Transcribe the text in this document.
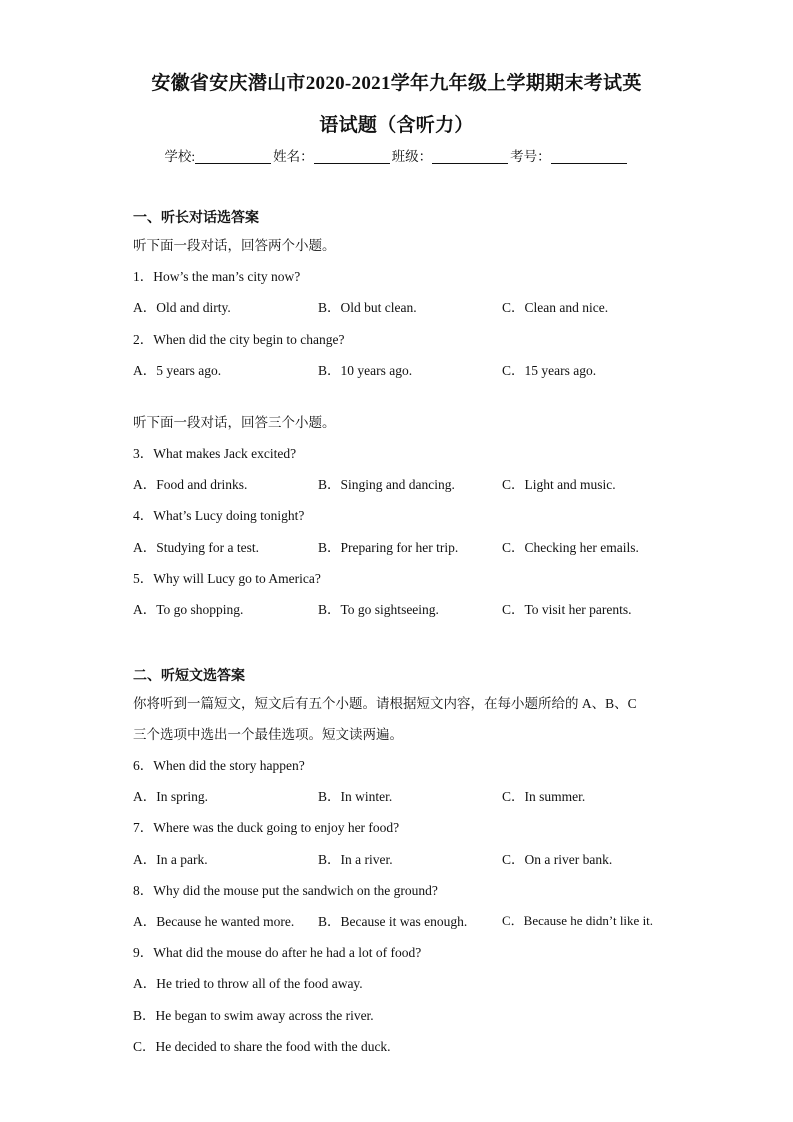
安徽省安庆潜山市2020-2021学年九年级上学期期末考试英
语试题（含听力）
学校:	姓名：	班级：	考号：
一、听长对话选答案
听下面一段对话，回答两个小题。
1．How’s the man’s city now?
A．Old and dirty.	B．Old but clean.	C．Clean and nice.
2．When did the city begin to change?
A．5 years ago.	B．10 years ago.	C．15 years ago.
听下面一段对话，回答三个小题。
3．What makes Jack excited?
A．Food and drinks.	B．Singing and dancing.	C．Light and music.
4．What’s Lucy doing tonight?
A．Studying for a test.	B．Preparing for her trip.	C．Checking her emails.
5．Why will Lucy go to America?
A．To go shopping.	B．To go sightseeing.	C．To visit her parents.
二、听短文选答案
你将听到一篇短文，短文后有五个小题。请根据短文内容，在每小题所给的 A、B、C
三个选项中选出一个最佳选项。短文读两遍。
6．When did the story happen?
A．In spring.	B．In winter.	C．In summer.
7．Where was the duck going to enjoy her food?
A．In a park.	B．In a river.	C．On a river bank.
8．Why did the mouse put the sandwich on the ground?
A．Because he wanted more. B．Because it was enough.	C．Because he didn’t like it.
9．What did the mouse do after he had a lot of food?
A．He tried to throw all of the food away.
B．He began to swim away across the river.
C．He decided to share the food with the duck.
